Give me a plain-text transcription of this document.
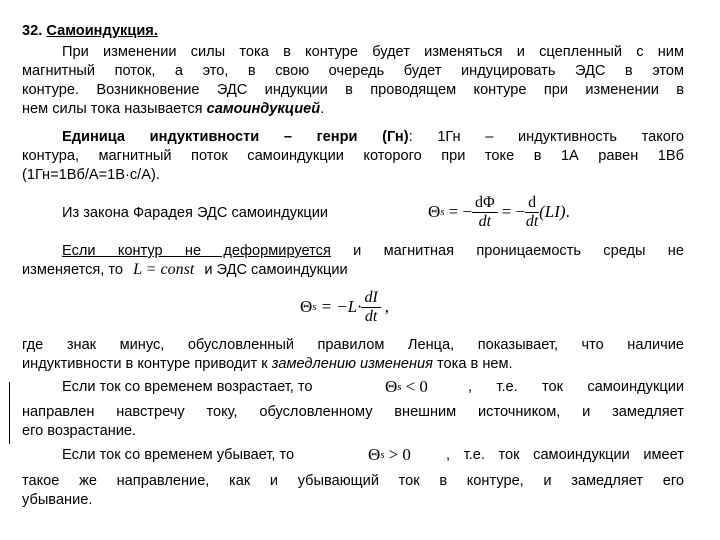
32. Самоиндукция.
При изменении силы тока в контуре будет изменяться и сцепленный с ним
магнитный поток, а это, в свою очередь будет индуцировать ЭДС в этом
контуре. Возникновение ЭДС индукции в проводящем контуре при изменении в
нем силы тока называется самоиндукцией.
Единица индуктивности – генри (Гн): 1Гн – индуктивность такого
контура, магнитный поток самоиндукции которого при токе в 1А равен 1Вб
(1Гн=1Вб/А=1В·с/А).
Из закона Фарадея ЭДС самоиндукции	Θ s = − $\frac{d\Phi}{dt}$ = − $\frac{d}{dt} (LI)$ .
Если контур не деформируется и магнитная проницаемость среды не
изменяется, то L = const и ЭДС самоиндукции
Θ $s = -L\cdot \frac{dI}{dt}$ ,
где знак минус, обусловленный правилом Ленца, показывает, что наличие
индуктивности в контуре приводит к замедлению изменения тока в нем.
Если ток со временем возрастает, то	Θ s < 0	, т.е. ток самоиндукции
направлен навстречу току, обусловленному внешним источником, и замедляет
его возрастание.
Если ток со временем убывает, то	Θ s > 0 , т.е. ток самоиндукции имеет
такое же направление, как и убывающий ток в контуре, и замедляет его
убывание.
